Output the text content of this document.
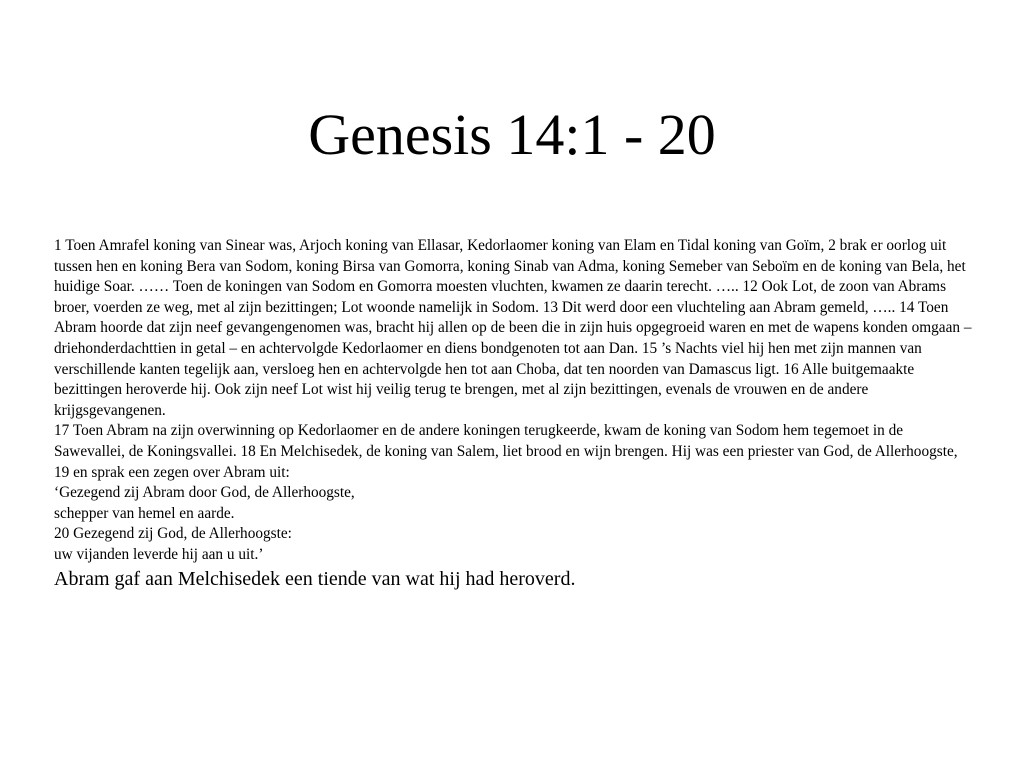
Genesis 14:1 - 20

1 Toen Amrafel koning van Sinear was, Arjoch koning van Ellasar, Kedorlaomer koning van Elam en Tidal koning van Goïm, 2 brak er oorlog uit tussen hen en koning Bera van Sodom, koning Birsa van Gomorra, koning Sinab van Adma, koning Semeber van Seboïm en de koning van Bela, het huidige Soar. …… Toen de koningen van Sodom en Gomorra moesten vluchten, kwamen ze daarin terecht. ….. 12 Ook Lot, de zoon van Abrams broer, voerden ze weg, met al zijn bezittingen; Lot woonde namelijk in Sodom. 13 Dit werd door een vluchteling aan Abram gemeld, ….. 14 Toen Abram hoorde dat zijn neef gevangengenomen was, bracht hij allen op de been die in zijn huis opgegroeid waren en met de wapens konden omgaan – driehonderdachttien in getal – en achtervolgde Kedorlaomer en diens bondgenoten tot aan Dan. 15 ’s Nachts viel hij hen met zijn mannen van verschillende kanten tegelijk aan, versloeg hen en achtervolgde hen tot aan Choba, dat ten noorden van Damascus ligt. 16 Alle buitgemaakte bezittingen heroverde hij. Ook zijn neef Lot wist hij veilig terug te brengen, met al zijn bezittingen, evenals de vrouwen en de andere krijgsgevangenen.

17 Toen Abram na zijn overwinning op Kedorlaomer en de andere koningen terugkeerde, kwam de koning van Sodom hem tegemoet in de Sawevallei, de Koningsvallei. 18 En Melchisedek, de koning van Salem, liet brood en wijn brengen. Hij was een priester van God, de Allerhoogste, 19 en sprak een zegen over Abram uit:

‘Gezegend zij Abram door God, de Allerhoogste,

schepper van hemel en aarde.

20 Gezegend zij God, de Allerhoogste:

uw vijanden leverde hij aan u uit.’

Abram gaf aan Melchisedek een tiende van wat hij had heroverd.
